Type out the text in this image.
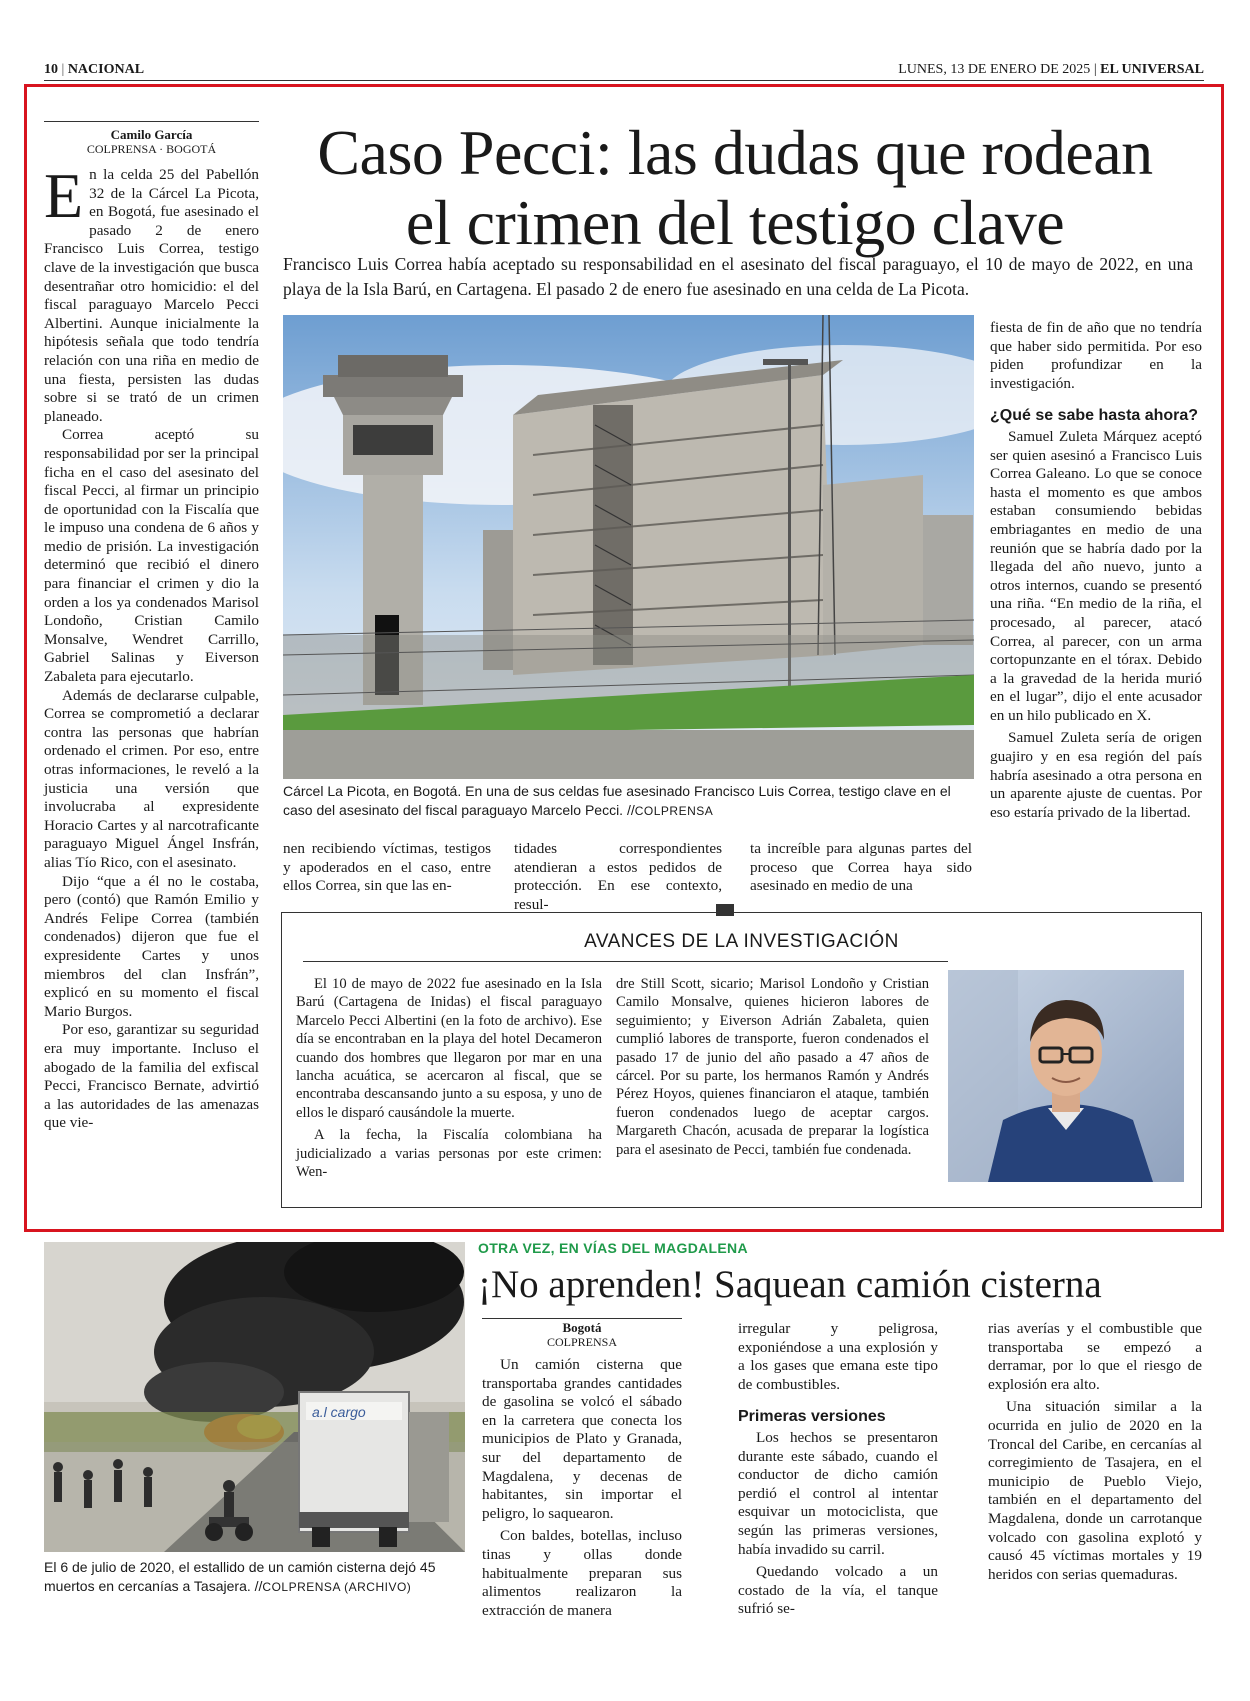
10 | NACIONAL	LUNES, 13 DE ENERO DE 2025 | EL UNIVERSAL
Camilo García
COLPRENSA · BOGOTÁ

En la celda 25 del Pabellón 32 de la Cárcel La Picota, en Bogotá, fue asesinado el pasado 2 de enero Francisco Luis Correa, testigo clave de la investigación que busca desentrañar otro homicidio: el del fiscal paraguayo Marcelo Pecci Albertini. Aunque inicialmente la hipótesis señala que todo tendría relación con una riña en medio de una fiesta, persisten las dudas sobre si se trató de un crimen planeado.

Correa aceptó su responsabilidad por ser la principal ficha en el caso del asesinato del fiscal Pecci, al firmar un principio de oportunidad con la Fiscalía que le impuso una condena de 6 años y medio de prisión. La investigación determinó que recibió el dinero para financiar el crimen y dio la orden a los ya condenados Marisol Londoño, Cristian Camilo Monsalve, Wendret Carrillo, Gabriel Salinas y Eiverson Zabaleta para ejecutarlo.

Además de declararse culpable, Correa se comprometió a declarar contra las personas que habrían ordenado el crimen. Por eso, entre otras informaciones, le reveló a la justicia una versión que involucraba al expresidente Horacio Cartes y al narcotraficante paraguayo Miguel Ángel Insfrán, alias Tío Rico, con el asesinato.

Dijo “que a él no le costaba, pero (contó) que Ramón Emilio y Andrés Felipe Correa (también condenados) dijeron que fue el expresidente Cartes y unos miembros del clan Insfrán”, explicó en su momento el fiscal Mario Burgos.

Por eso, garantizar su seguridad era muy importante. Incluso el abogado de la familia del exfiscal Pecci, Francisco Bernate, advirtió a las autoridades de las amenazas que vie-

Caso Pecci: las dudas que rodean
el crimen del testigo clave
Francisco Luis Correa había aceptado su responsabilidad en el asesinato del fiscal paraguayo, el 10 de mayo de 2022, en una playa de la Isla Barú, en Cartagena. El pasado 2 de enero fue asesinado en una celda de La Picota.
Cárcel La Picota, en Bogotá. En una de sus celdas fue asesinado Francisco Luis Correa, testigo clave en el caso del asesinato del fiscal paraguayo Marcelo Pecci. //COLPRENSA

nen recibiendo víctimas, testigos y apoderados en el caso, entre ellos Correa, sin que las en-

tidades correspondientes atendieran a estos pedidos de protección. En ese contexto, resul-

ta increíble para algunas partes del proceso que Correa haya sido asesinado en medio de una

fiesta de fin de año que no tendría que haber sido permitida. Por eso piden profundizar en la investigación.

¿Qué se sabe hasta ahora?

Samuel Zuleta Márquez aceptó ser quien asesinó a Francisco Luis Correa Galeano. Lo que se conoce hasta el momento es que ambos estaban consumiendo bebidas embriagantes en medio de una reunión que se habría dado por la llegada del año nuevo, junto a otros internos, cuando se presentó una riña. “En medio de la riña, el procesado, al parecer, atacó Correa, al parecer, con un arma cortopunzante en el tórax. Debido a la gravedad de la herida murió en el lugar”, dijo el ente acusador en un hilo publicado en X.

Samuel Zuleta sería de origen guajiro y en esa región del país habría asesinado a otra persona en un aparente ajuste de cuentas. Por eso estaría privado de la libertad.

AVANCES DE LA INVESTIGACIÓN

El 10 de mayo de 2022 fue asesinado en la Isla Barú (Cartagena de Inidas) el fiscal paraguayo Marcelo Pecci Albertini (en la foto de archivo). Ese día se encontraban en la playa del hotel Decameron cuando dos hombres que llegaron por mar en una lancha acuática, se acercaron al fiscal, que se encontraba descansando junto a su esposa, y uno de ellos le disparó causándole la muerte.

A la fecha, la Fiscalía colombiana ha judicializado a varias personas por este crimen: Wen-

dre Still Scott, sicario; Marisol Londoño y Cristian Camilo Monsalve, quienes hicieron labores de seguimiento; y Eiverson Adrián Zabaleta, quien cumplió labores de transporte, fueron condenados el pasado 17 de junio del año pasado a 47 años de cárcel. Por su parte, los hermanos Ramón y Andrés Pérez Hoyos, quienes financiaron el ataque, también fueron condenados luego de aceptar cargos. Margareth Chacón, acusada de preparar la logística para el asesinato de Pecci, también fue condenada.

a.l cargo
El 6 de julio de 2020, el estallido de un camión cisterna dejó 45 muertos en cercanías a Tasajera. //COLPRENSA (ARCHIVO)
OTRA VEZ, EN VÍAS DEL MAGDALENA
¡No aprenden! Saquean camión cisterna
Bogotá
COLPRENSA

Un camión cisterna que transportaba grandes cantidades de gasolina se volcó el sábado en la carretera que conecta los municipios de Plato y Granada, sur del departamento de Magdalena, y decenas de habitantes, sin importar el peligro, lo saquearon.

Con baldes, botellas, incluso tinas y ollas donde habitualmente preparan sus alimentos realizaron la extracción de manera

irregular y peligrosa, exponiéndose a una explosión y a los gases que emana este tipo de combustibles.

Primeras versiones

Los hechos se presentaron durante este sábado, cuando el conductor de dicho camión perdió el control al intentar esquivar un motociclista, que según las primeras versiones, había invadido su carril.

Quedando volcado a un costado de la vía, el tanque sufrió se-

rias averías y el combustible que transportaba se empezó a derramar, por lo que el riesgo de explosión era alto.

Una situación similar a la ocurrida en julio de 2020 en la Troncal del Caribe, en cercanías al corregimiento de Tasajera, en el municipio de Pueblo Viejo, también en el departamento del Magdalena, donde un carrotanque volcado con gasolina explotó y causó 45 víctimas mortales y 19 heridos con serias quemaduras.
